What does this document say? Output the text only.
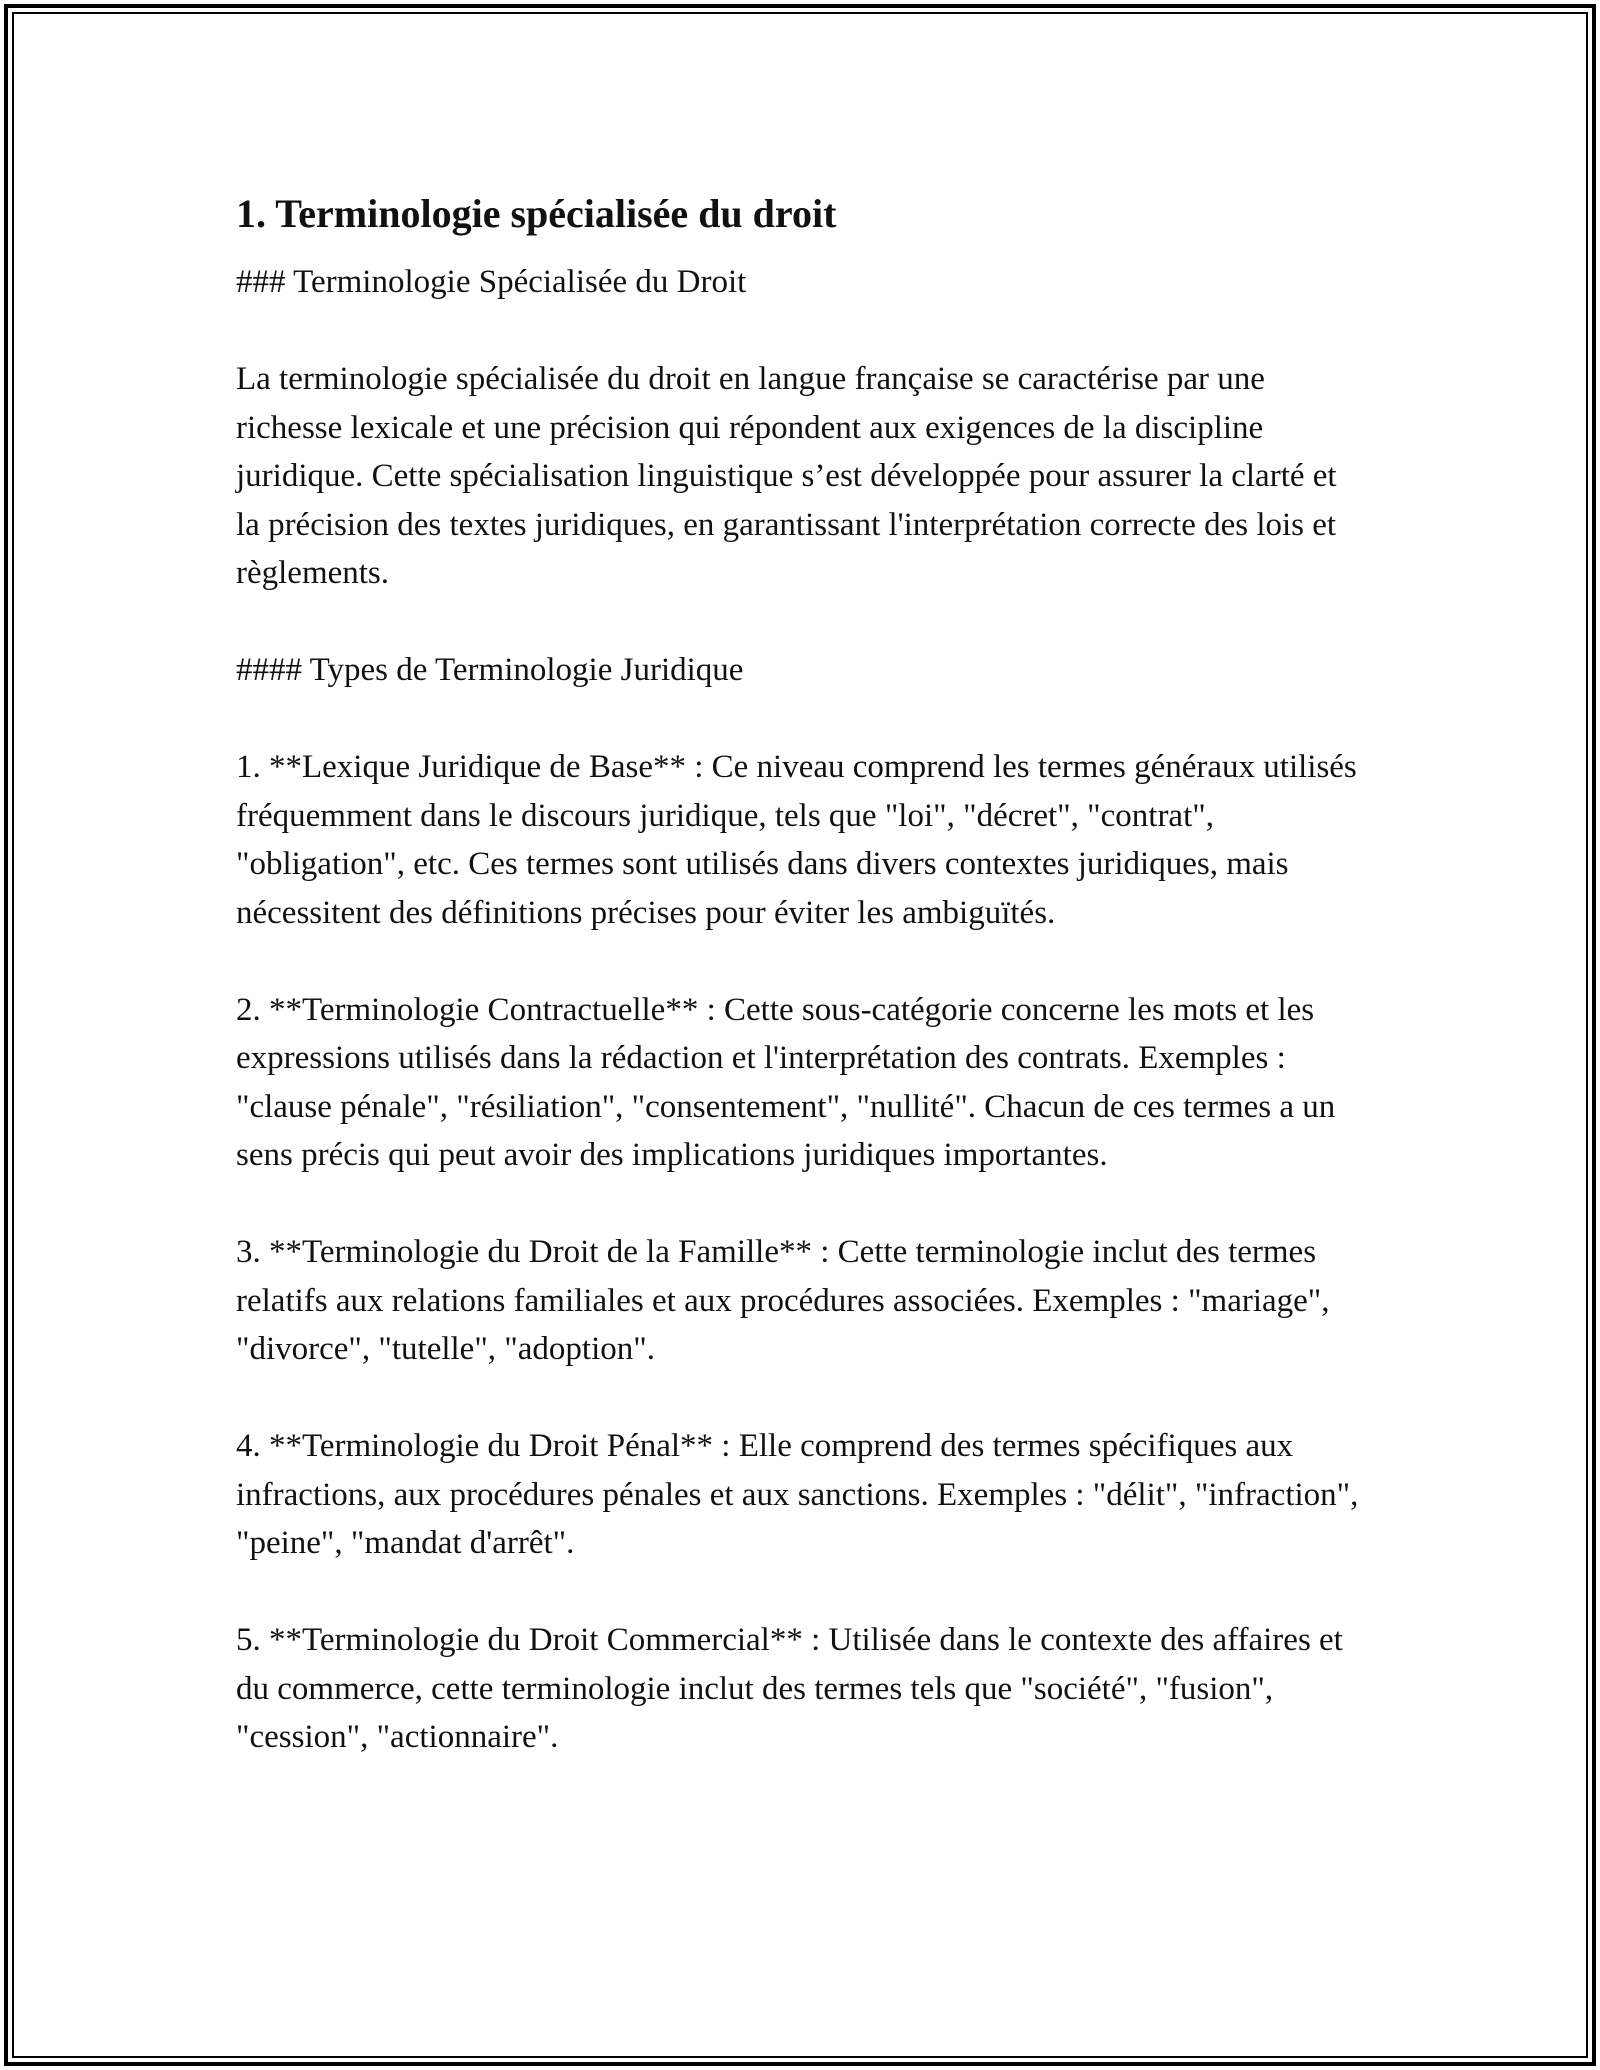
1. Terminologie spécialisée du droit

### Terminologie Spécialisée du Droit

La terminologie spécialisée du droit en langue française se caractérise par une richesse lexicale et une précision qui répondent aux exigences de la discipline juridique. Cette spécialisation linguistique s’est développée pour assurer la clarté et la précision des textes juridiques, en garantissant l'interprétation correcte des lois et règlements.

#### Types de Terminologie Juridique

1. **Lexique Juridique de Base** : Ce niveau comprend les termes généraux utilisés fréquemment dans le discours juridique, tels que "loi", "décret", "contrat", "obligation", etc. Ces termes sont utilisés dans divers contextes juridiques, mais nécessitent des définitions précises pour éviter les ambiguïtés.

2. **Terminologie Contractuelle** : Cette sous-catégorie concerne les mots et les expressions utilisés dans la rédaction et l'interprétation des contrats. Exemples : "clause pénale", "résiliation", "consentement", "nullité". Chacun de ces termes a un sens précis qui peut avoir des implications juridiques importantes.

3. **Terminologie du Droit de la Famille** : Cette terminologie inclut des termes relatifs aux relations familiales et aux procédures associées. Exemples : "mariage", "divorce", "tutelle", "adoption".

4. **Terminologie du Droit Pénal** : Elle comprend des termes spécifiques aux infractions, aux procédures pénales et aux sanctions. Exemples : "délit", "infraction", "peine", "mandat d'arrêt".

5. **Terminologie du Droit Commercial** : Utilisée dans le contexte des affaires et du commerce, cette terminologie inclut des termes tels que "société", "fusion", "cession", "actionnaire".
